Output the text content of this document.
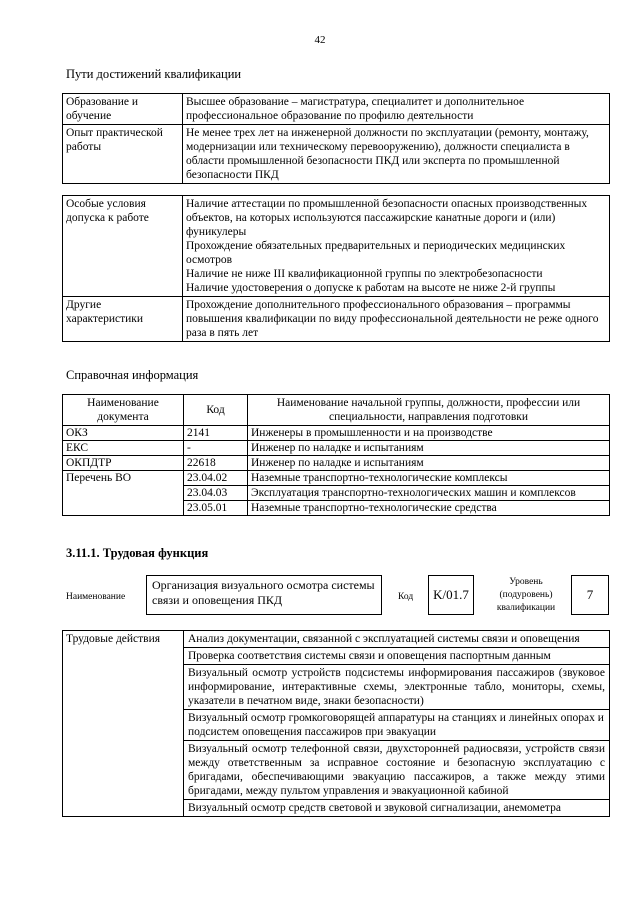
42
Пути достижений квалификации
Образование и обучение	Высшее образование – магистратура, специалитет и дополнительное профессиональное образование по профилю деятельности
Опыт практической работы	Не менее трех лет на инженерной должности по эксплуатации (ремонту, монтажу, модернизации или техническому перевооружению), должности специалиста в области промышленной безопасности ПКД или эксперта по промышленной безопасности ПКД
Особые условия допуска к работе	Наличие аттестации по промышленной безопасности опасных производственных объектов, на которых используются пассажирские канатные дороги и (или) фуникулеры
Прохождение обязательных предварительных и периодических медицинских осмотров
Наличие не ниже III квалификационной группы по электробезопасности
Наличие удостоверения о допуске к работам на высоте не ниже 2-й группы

Другие характеристики	Прохождение дополнительного профессионального образования – программы повышения квалификации по виду профессиональной деятельности не реже одного раза в пять лет
Справочная информация
Наименование документа	Код	Наименование начальной группы, должности, профессии или специальности, направления подготовки
ОКЗ	2141	Инженеры в промышленности и на производстве
ЕКС	-	Инженер по наладке и испытаниям
ОКПДТР	22618	Инженер по наладке и испытаниям
Перечень ВО	23.04.02	Наземные транспортно-технологические комплексы
	23.04.03	Эксплуатация транспортно-технологических машин и комплексов
	23.05.01	Наземные транспортно-технологические средства
3.11.1. Трудовая функция
Наименование
Организация визуального осмотра системы связи и оповещения ПКД	Код K/01.7
Уровень (подуровень) квалификации
7
Трудовые действия	Анализ документации, связанной с эксплуатацией системы связи и оповещения
Проверка соответствия системы связи и оповещения паспортным данным
Визуальный осмотр устройств подсистемы информирования пассажиров (звуковое информирование, интерактивные схемы, электронные табло, мониторы, схемы, указатели в печатном виде, знаки безопасности)
Визуальный осмотр громкоговорящей аппаратуры на станциях и линейных опорах и подсистем оповещения пассажиров при эвакуации
Визуальный осмотр телефонной связи, двухсторонней радиосвязи, устройств связи между ответственным за исправное состояние и безопасную эксплуатацию с бригадами, обеспечивающими эвакуацию пассажиров, а также между этими бригадами, между пультом управления и эвакуационной кабиной
Визуальный осмотр средств световой и звуковой сигнализации, анемометра
